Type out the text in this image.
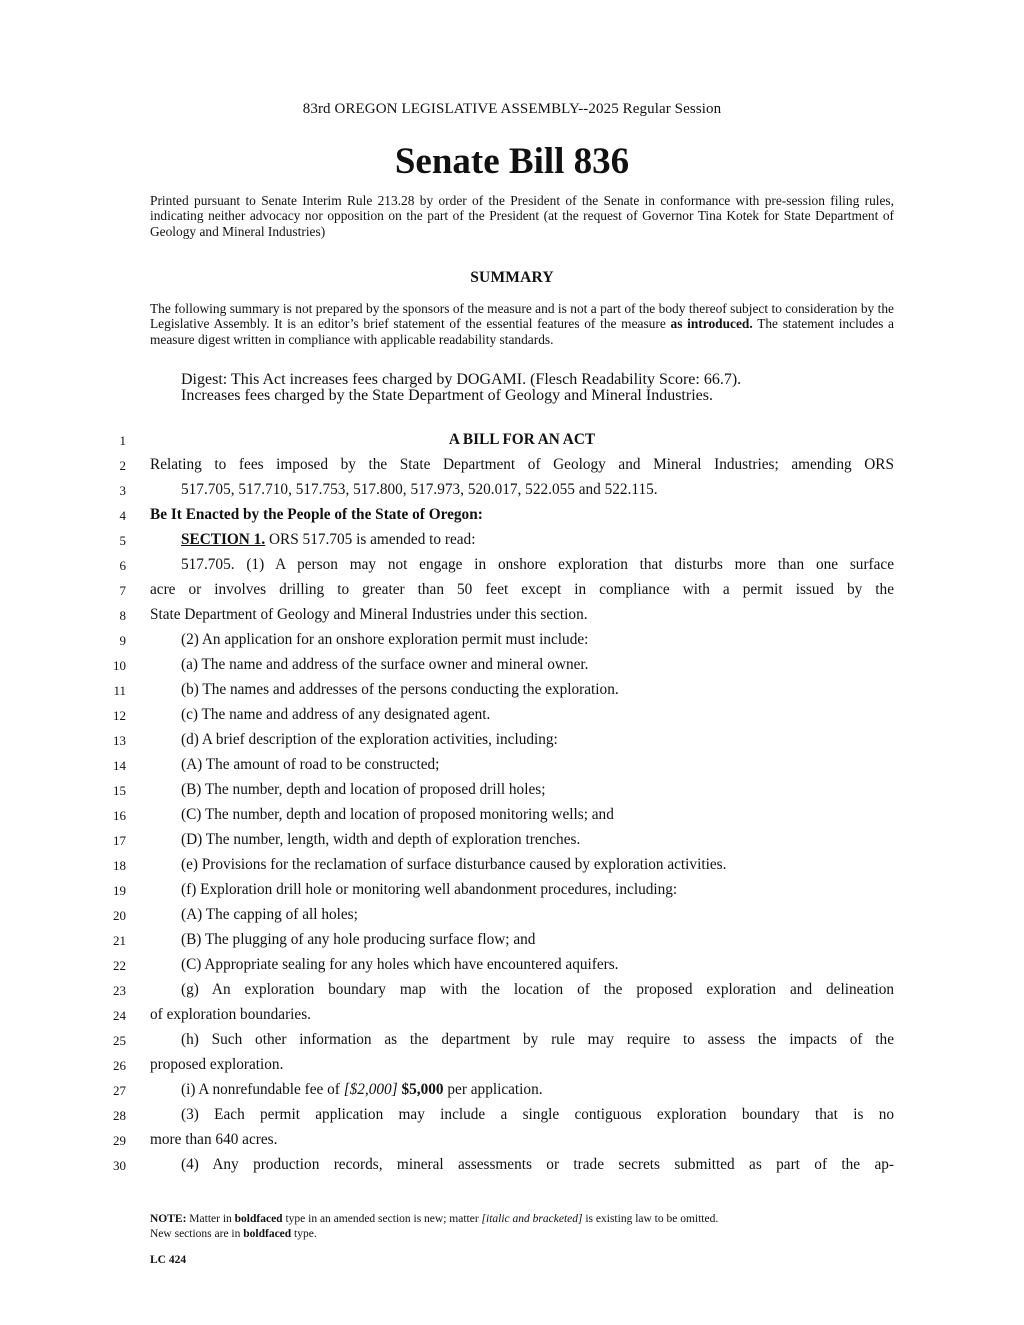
83rd OREGON LEGISLATIVE ASSEMBLY--2025 Regular Session
Senate Bill 836
Printed pursuant to Senate Interim Rule 213.28 by order of the President of the Senate in conformance with pre-session filing rules, indicating neither advocacy nor opposition on the part of the President (at the request of Governor Tina Kotek for State Department of Geology and Mineral Industries)
SUMMARY
The following summary is not prepared by the sponsors of the measure and is not a part of the body thereof subject to consideration by the Legislative Assembly. It is an editor’s brief statement of the essential features of the measure as introduced. The statement includes a measure digest written in compliance with applicable readability standards.
Digest: This Act increases fees charged by DOGAMI. (Flesch Readability Score: 66.7).
Increases fees charged by the State Department of Geology and Mineral Industries.
1	A BILL FOR AN ACT
2 Relating to fees imposed by the State Department of Geology and Mineral Industries; amending ORS
3	517.705, 517.710, 517.753, 517.800, 517.973, 520.017, 522.055 and 522.115.
4 Be It Enacted by the People of the State of Oregon:
5	SECTION 1. ORS 517.705 is amended to read:
6	517.705. (1) A person may not engage in onshore exploration that disturbs more than one surface
7 acre or involves drilling to greater than 50 feet except in compliance with a permit issued by the
8 State Department of Geology and Mineral Industries under this section.
9	(2) An application for an onshore exploration permit must include:
10	(a) The name and address of the surface owner and mineral owner.
11	(b) The names and addresses of the persons conducting the exploration.
12	(c) The name and address of any designated agent.
13	(d) A brief description of the exploration activities, including:
14	(A) The amount of road to be constructed;
15	(B) The number, depth and location of proposed drill holes;
16	(C) The number, depth and location of proposed monitoring wells; and
17	(D) The number, length, width and depth of exploration trenches.
18	(e) Provisions for the reclamation of surface disturbance caused by exploration activities.
19	(f) Exploration drill hole or monitoring well abandonment procedures, including:
20	(A) The capping of all holes;
21	(B) The plugging of any hole producing surface flow; and
22	(C) Appropriate sealing for any holes which have encountered aquifers.
23	(g) An exploration boundary map with the location of the proposed exploration and delineation
24 of exploration boundaries.
25	(h) Such other information as the department by rule may require to assess the impacts of the
26 proposed exploration.
27	(i) A nonrefundable fee of [$2,000] $5,000 per application.
28	(3) Each permit application may include a single contiguous exploration boundary that is no
29 more than 640 acres.
30	(4) Any production records, mineral assessments or trade secrets submitted as part of the ap-
NOTE: Matter in boldfaced type in an amended section is new; matter [italic and bracketed] is existing law to be omitted.
New sections are in boldfaced type.
LC 424
